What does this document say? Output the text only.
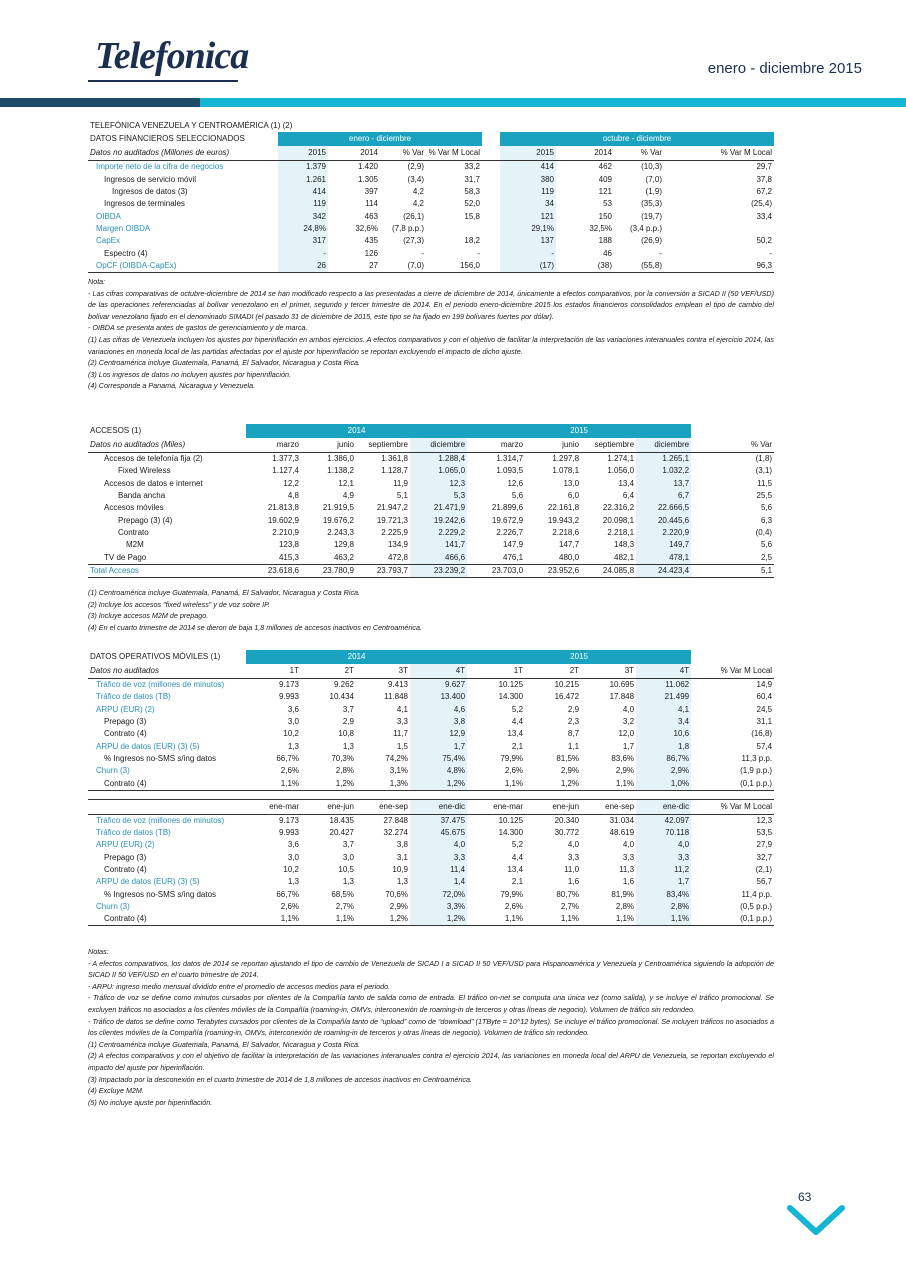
Telefonica	enero - diciembre 2015
TELEFÓNICA VENEZUELA Y CENTROAMÉRICA (1) (2)									
DATOS FINANCIEROS SELECCIONADOS	enero - diciembre					octubre - diciembre			
Datos no auditados (Millones de euros)	2015	2014	% Var	% Var M Local		2015	2014	% Var	% Var M Local
Importe neto de la cifra de negocios	1.379	1.420	(2,9)	33,2		414	462	(10,3)	29,7
Ingresos de servicio móvil	1.261	1.305	(3,4)	31,7		380	409	(7,0)	37,8
Ingresos de datos (3)	414	397	4,2	58,3		119	121	(1,9)	67,2
Ingresos de terminales	119	114	4,2	52,0		34	53	(35,3)	(25,4)
OIBDA	342	463	(26,1)	15,8		121	150	(19,7)	33,4
Margen OIBDA	24,8%	32,6%	(7,8 p.p.)			29,1%	32,5%	(3,4 p.p.)	
CapEx	317	435	(27,3)	18,2		137	188	(26,9)	50,2
Espectro (4)	-	126	-	-		-	46	-	-
OpCF (OIBDA-CapEx)	26	27	(7,0)	156,0		(17)	(38)	(55,8)	96,3
Nota:
- Las cifras comparativas de octubre-diciembre de 2014 se han modificado respecto a las presentadas a cierre de diciembre de 2014, únicamente a efectos comparativos, por la conversión a SICAD II (50 VEF/USD) de las operaciones referenciadas al bolívar venezolano en el primer, segundo y tercer trimestre de 2014. En el periodo enero-diciembre 2015 los estados financieros consolidados emplean el tipo de cambio del bolívar venezolano fijado en el denominado SIMADI (el pasado 31 de diciembre de 2015, este tipo se ha fijado en 199 bolívares fuertes por dólar).
- OIBDA se presenta antes de gastos de gerenciamiento y de marca.
(1) Las cifras de Venezuela incluyen los ajustes por hiperinflación en ambos ejercicios. A efectos comparativos y con el objetivo de facilitar la interpretación de las variaciones interanuales contra el ejercicio 2014, las variaciones en moneda local de las partidas afectadas por el ajuste por hiperinflación se reportan excluyendo el impacto de dicho ajuste.
(2) Centroamérica incluye Guatemala, Panamá, El Salvador, Nicaragua y Costa Rica.
(3) Los ingresos de datos no incluyen ajustes por hiperinflación.
(4) Corresponde a Panamá, Nicaragua y Venezuela.
ACCESOS (1)	2014				2015				
Datos no auditados (Miles)	marzo	junio	septiembre	diciembre	marzo	junio	septiembre	diciembre	% Var
Accesos de telefonía fija (2)	1.377,3	1.386,0	1.361,8	1.288,4	1.314,7	1.297,8	1.274,1	1.265,1	(1,8)
Fixed Wireless	1.127,4	1.138,2	1.128,7	1.065,0	1.093,5	1.078,1	1.056,0	1.032,2	(3,1)
Accesos de datos e internet	12,2	12,1	11,9	12,3	12,6	13,0	13,4	13,7	11,5
Banda ancha	4,8	4,9	5,1	5,3	5,6	6,0	6,4	6,7	25,5
Accesos móviles	21.813,8	21.919,5	21.947,2	21.471,9	21.899,6	22.161,8	22.316,2	22.666,5	5,6
Prepago (3) (4)	19.602,9	19.676,2	19.721,3	19.242,6	19.672,9	19.943,2	20.098,1	20.445,6	6,3
Contrato	2.210,9	2.243,3	2.225,9	2.229,2	2.226,7	2.218,6	2.218,1	2.220,9	(0,4)
M2M	123,8	129,8	134,9	141,7	147,9	147,7	148,3	149,7	5,6
TV de Pago	415,3	463,2	472,8	466,6	476,1	480,0	482,1	478,1	2,5
Total Accesos	23.618,6	23.780,9	23.793,7	23.239,2	23.703,0	23.952,6	24.085,8	24.423,4	5,1
(1) Centroamérica incluye Guatemala, Panamá, El Salvador, Nicaragua y Costa Rica.
(2) Incluye los accesos "fixed wireless" y de voz sobre IP.
(3) Incluye accesos M2M de prepago.
(4) En el cuarto trimestre de 2014 se dieron de baja 1,8 millones de accesos inactivos en Centroamérica.
DATOS OPERATIVOS MÓVILES (1)	2014				2015				
Datos no auditados	1T	2T	3T	4T	1T	2T	3T	4T	% Var M Local
Tráfico de voz (millones de minutos)	9.173	9.262	9.413	9.627	10.125	10.215	10.695	11.062	14,9
Tráfico de datos (TB)	9.993	10.434	11.848	13.400	14.300	16.472	17.848	21.499	60,4
ARPU (EUR) (2)	3,6	3,7	4,1	4,6	5,2	2,9	4,0	4,1	24,5
Prepago (3)	3,0	2,9	3,3	3,8	4,4	2,3	3,2	3,4	31,1
Contrato (4)	10,2	10,8	11,7	12,9	13,4	8,7	12,0	10,6	(16,8)
ARPU de datos (EUR) (3) (5)	1,3	1,3	1,5	1,7	2,1	1,1	1,7	1,8	57,4
% Ingresos no-SMS s/ing datos	66,7%	70,3%	74,2%	75,4%	79,9%	81,5%	83,6%	86,7%	11,3 p.p.
Churn (3)	2,6%	2,8%	3,1%	4,8%	2,6%	2,9%	2,9%	2,9%	(1,9 p.p.)
Contrato (4)	1,1%	1,2%	1,3%	1,2%	1,1%	1,2%	1,1%	1,0%	(0,1 p.p.)

	ene-mar	ene-jun	ene-sep	ene-dic	ene-mar	ene-jun	ene-sep	ene-dic	% Var M Local
Tráfico de voz (millones de minutos)	9.173	18.435	27.848	37.475	10.125	20.340	31.034	42.097	12,3
Tráfico de datos (TB)	9.993	20.427	32.274	45.675	14.300	30.772	48.619	70.118	53,5
ARPU (EUR) (2)	3,6	3,7	3,8	4,0	5,2	4,0	4,0	4,0	27,9
Prepago (3)	3,0	3,0	3,1	3,3	4,4	3,3	3,3	3,3	32,7
Contrato (4)	10,2	10,5	10,9	11,4	13,4	11,0	11,3	11,2	(2,1)
ARPU de datos (EUR) (3) (5)	1,3	1,3	1,3	1,4	2,1	1,6	1,6	1,7	56,7
% Ingresos no-SMS s/ing datos	66,7%	68,5%	70,6%	72,0%	79,9%	80,7%	81,9%	83,4%	11,4 p.p.
Churn (3)	2,6%	2,7%	2,9%	3,3%	2,6%	2,7%	2,8%	2,8%	(0,5 p.p.)
Contrato (4)	1,1%	1,1%	1,2%	1,2%	1,1%	1,1%	1,1%	1,1%	(0,1 p.p.)
Notas:
- A efectos comparativos, los datos de 2014 se reportan ajustando el tipo de cambio de Venezuela de SICAD I a SICAD II 50 VEF/USD para Hispanoamérica y Venezuela y Centroamérica siguiendo la adopción de SICAD II 50 VEF/USD en el cuarto trimestre de 2014.
- ARPU: ingreso medio mensual dividido entre el promedio de accesos medios para el periodo.
- Tráfico de voz se define como minutos cursados por clientes de la Compañía tanto de salida como de entrada. El tráfico on-net se computa una única vez (como salida), y se incluye el tráfico promocional. Se excluyen tráficos no asociados a los clientes móviles de la Compañía (roaming-in, OMVs, interconexión de roaming-in de terceros y otras líneas de negocio). Volumen de tráfico sin redondeo.
- Tráfico de datos se define como Terabytes cursados por clientes de la Compañía tanto de “upload” como de “download” (1TByte = 10^12 bytes). Se incluye el tráfico promocional. Se incluyen tráficos no asociados a los clientes móviles de la Compañía (roaming-in, OMVs, interconexión de roaming-in de terceros y otras líneas de negocio). Volumen de tráfico sin redondeo.
(1) Centroamérica incluye Guatemala, Panamá, El Salvador, Nicaragua y Costa Rica.
(2) A efectos comparativos y con el objetivo de facilitar la interpretación de las variaciones interanuales contra el ejercicio 2014, las variaciones en moneda local del ARPU de Venezuela, se reportan excluyendo el impacto del ajuste por hiperinflación.
(3) Impactado por la desconexión en el cuarto trimestre de 2014 de 1,8 millones de accesos inactivos en Centroamérica.
(4) Excluye M2M.
(5) No incluye ajuste por hiperinflación.
63
